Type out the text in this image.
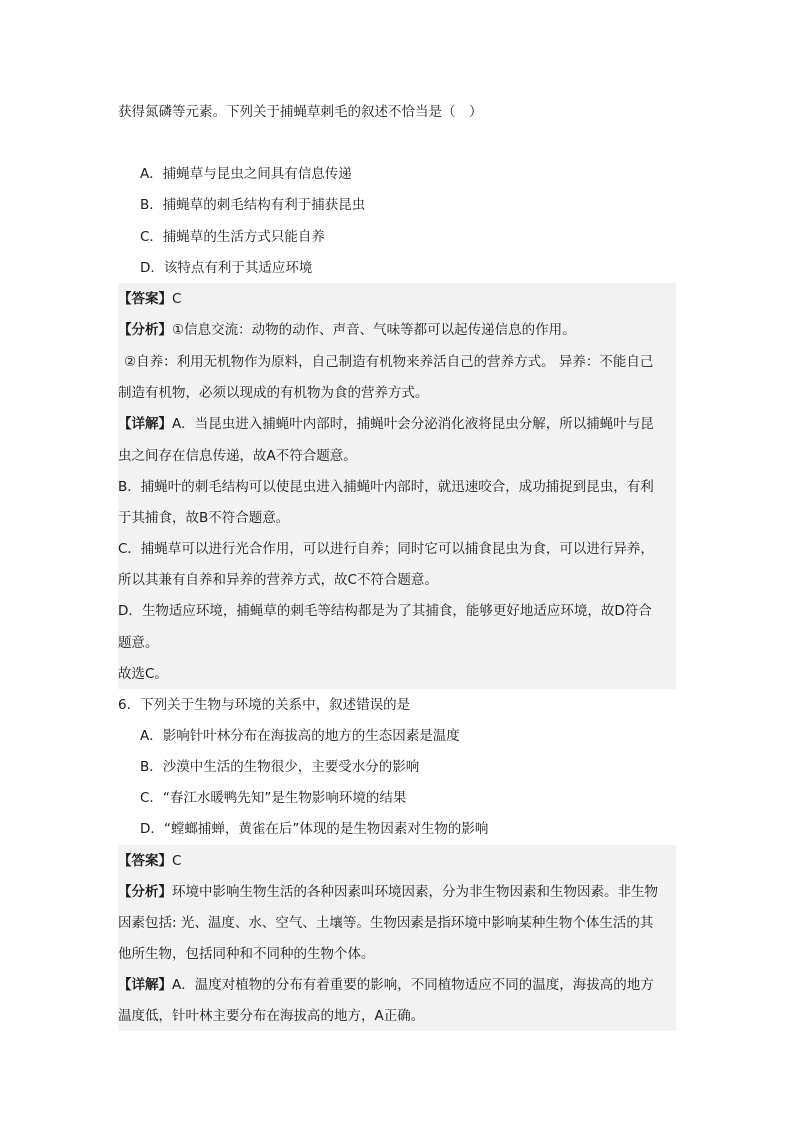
获得氮磷等元素。下列关于捕蝇草刺毛的叙述不恰当是（　）
A．捕蝇草与昆虫之间具有信息传递
B．捕蝇草的刺毛结构有利于捕获昆虫
C．捕蝇草的生活方式只能自养
D．该特点有利于其适应环境
【答案】C
【分析】①信息交流：动物的动作、声音、气味等都可以起传递信息的作用。
②自养：利用无机物作为原料，自己制造有机物来养活自己的营养方式。 异养：不能自己
制造有机物，必须以现成的有机物为食的营养方式。
【详解】A．当昆虫进入捕蝇叶内部时，捕蝇叶会分泌消化液将昆虫分解，所以捕蝇叶与昆
虫之间存在信息传递，故A不符合题意。
B．捕蝇叶的刺毛结构可以使昆虫进入捕蝇叶内部时，就迅速咬合，成功捕捉到昆虫，有利
于其捕食，故B不符合题意。
C．捕蝇草可以进行光合作用，可以进行自养；同时它可以捕食昆虫为食，可以进行异养，
所以其兼有自养和异养的营养方式，故C不符合题意。
D．生物适应环境，捕蝇草的刺毛等结构都是为了其捕食，能够更好地适应环境，故D符合
题意。
故选C。
6．下列关于生物与环境的关系中，叙述错误的是
A．影响针叶林分布在海拔高的地方的生态因素是温度
B．沙漠中生活的生物很少，主要受水分的影响
C．“春江水暖鸭先知”是生物影响环境的结果
D．“螳螂捕蝉，黄雀在后”体现的是生物因素对生物的影响
【答案】C
【分析】环境中影响生物生活的各种因素叫环境因素，分为非生物因素和生物因素。非生物
因素包括: 光、温度、水、空气、土壤等。生物因素是指环境中影响某种生物个体生活的其
他所生物，包括同种和不同种的生物个体。
【详解】A．温度对植物的分布有着重要的影响，不同植物适应不同的温度，海拔高的地方
温度低，针叶林主要分布在海拔高的地方，A正确。
